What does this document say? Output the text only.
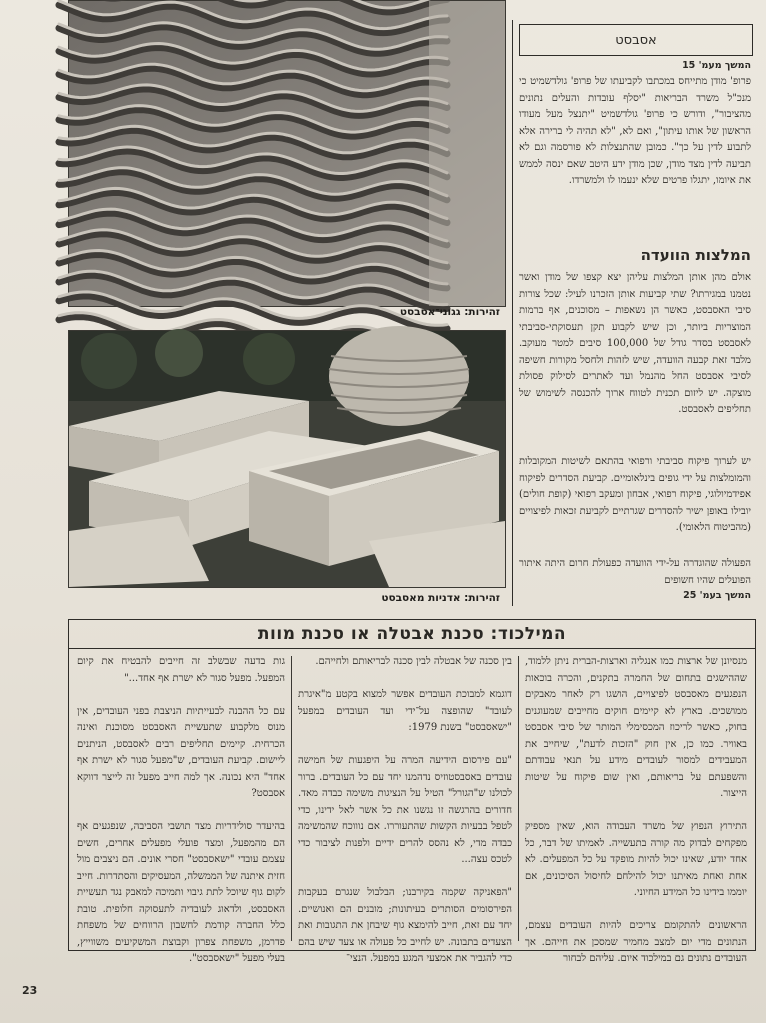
זהירות: גגוני־אסבסט
זהירות: אדניות מאסבסט
אסבסט
המשך מעמ' 15

פרופ' מודן מתייחס במכתבו לקביעתו של פרופ' גולדשמיט כי מנכ"ל משרד הבריאות "יסלף עובדות והעלים נתונים מהציבור", ודורש כי פרופ' גולדשמיט "יתנצל מעל מעודו הראשון של אותו עיתון", ואם לא, "לא תהיה לי ברירה אלא לתבוע לדין על כך". כמובן שהתנצלות לא פורסמה וגם לא תביעה לדין מצד מודן, שכן מודן ידע היטב שאם ינסה לממש את איומו, יתגלו פרטים שלא ינעמו לו ולמשרדו.

המלצות הוועדה

אולם מהן אותן המלצות עליהן יצא קצפו של מודן ואשר נטמנו במגירתו? שתי קביעות אותן הזכרנו לעיל: שכל צורות סיבי האסבסט, כאשר הן נשאפות – מסוכנים, אף ברמות המוצריות ביותר, וכן שיש לקבוע תקן תעסוקתי-סביבתי לאסבסט בסדר גודל של 100,000 סיבים למטר מעוקב. מלבד זאת קבעה הוועדה, שיש לזהות ולחסל מקורות חשיפה לסיבי אסבסט החל מהנמל ועד לאתרים לסילוק פסולת מוצקה. יש ליזום תכנית לטווח ארוך להכנסה לשימוש של תחליפים לאסבסט.

יש לערוך פיקוח סביבתי ורפואי בהתאם לשיטות המקובלות והמומלצות על ידי גופים בינלאומיים. קביעת הסדרים לפיקוח אפידמיולוגי, פיקוח רפואי, אבחון ומעקב רפואי (קופת חולים) יובילו באופן ישיר להסדרים שגרתיים לקביעת זכאות לפיצויים (מהביטוח הלאומי).

הפעולה שהוגדרה על-ידי הוועדה כפעולת חרום היתה איתור הפועלים שהיו חשופים

המשך בעמ' 25
המילכוד: סכנת אבטלה או סכנת מוות

מנסיונן של ארצות כמו אנגליה וארצות-הברית ניתן ללמוד, שההישגים בתחום של החמרה בתקנים, והכרה בוכאות הנפגעים מאסבסט לפיצויים, הושגו רק לאחר מאבקים ממושכים. בארץ לא קיימים חוקים מחייבים שמעוגנים בחוק, כאשר לריכוז המכסימלי המותר של סיבי אסבסט באוויר. כמו כן, אין חוק "הזכות לדעת", שיחייב את המעבידים למסור לעובדים מידע על תנאי עבודתם והשפעתם על בריאותם, ואין שום פיקוח על שיטות הייצור.

התירוץ הנפוץ של משרד העבודה הוא, שאין מספיק מפקחים לבדוק מה קורה בתעשייה. לאמיתו של דבר, כל אחד יודע, שאינו יכול להיות מופקד על כל המפעלים. לא אחת ואחת מאיתנו יכול להילחם לחיסול הסיכונים, אם יוממו בידינו כל המידע החיוני.

הראשונים להתקומם צריכים להיות העובדים עצמם, הנתונים מדי יום למצב מחמיר שמסכן את חייהם. אך העובדים נתונים גם במילכוד איום. עליהם לבחור

בין סכנה של אבטלה לבין סכנה לבריאותם ולחייהם.

דוגמא למבוכת העובדים אפשר למצוא בקטע מ"איגרת לעובד" שהופצה על־ידי ועד העובדים במפעל "ישאסבסט" בשנת 1979:

"עם פירסום הידיעה המרה על היפגעות של חמישה עובדים באסבסטוזיס נדהמנו יחד עם כל העובדים. ברור לכולנו ש"הגורל" הטיל על הנציגות משימה כבדה מאד. חדורים בהרגשה זו נגשנו את כל אשר לאל ידינו, כדי לטפל בבעיות הקשות שהתעוררו. אם נוווכח שהמשימה כבדה מדי, לא נהסס להרים ידיים ולפנות לציבור כדי לטכס עצה...

"הפאניקה שקמה בקירבנו; הבלבול שנגרם בעקבות הפירסומים הסותרים בעיתונות; מובנים הם ואנושיים. יחד עם זאת, חייב להימצא גוף שיבחן את התגובות ואת הצעדים בתבונה. יש לחייב כל פעולה או צעד שיש בהם כדי להגביר את אמצעי המגע במפעל. הנצי־

גות בדעה שבשלב זה חייבים להבטיח את קיום המפעל. מפעל סגור לא ישרת אף אחד..."

עם כל ההבנה לבעייתיות הניצבת בפני העובדים, אין מנוס מלקבוע שתעשיית האסבסט מסוכנת ואינה הכרחית. קיימים תחליפים רבים לאסבסט, הניתנים ליישום. קביעת העובדים, ש"מפעל סגור לא ישרת אף אחד" היא נכונה. אך למה חייב מפעל זה לייצר דווקא אסבסט?

בהיעדר סולידריות מצד תושבי הסביבה, שנפגעים אף הם מהמפעל, ומצד פועלי מפעלים אחרים, חשים עצמם עובדי "ישאסבסט" חסרי אונים. הם ניצבים מול חזית איתנה של הממשלה, המעסיקים והסתדרות. חייב לקום גוף שיוכל לתת גיבוי ותמיכה למאבק נגד תעשיית האסבסט, ולדאוג לעובדיה לתעסוקה חלופית. טובת כלל החברה קודמת לחשבון הרווחים של משפחת פדרמן, משפחת צפרון וקבוצת המשקיעים משווייץ, בעלי מפעל "ישאסבסט".

23
